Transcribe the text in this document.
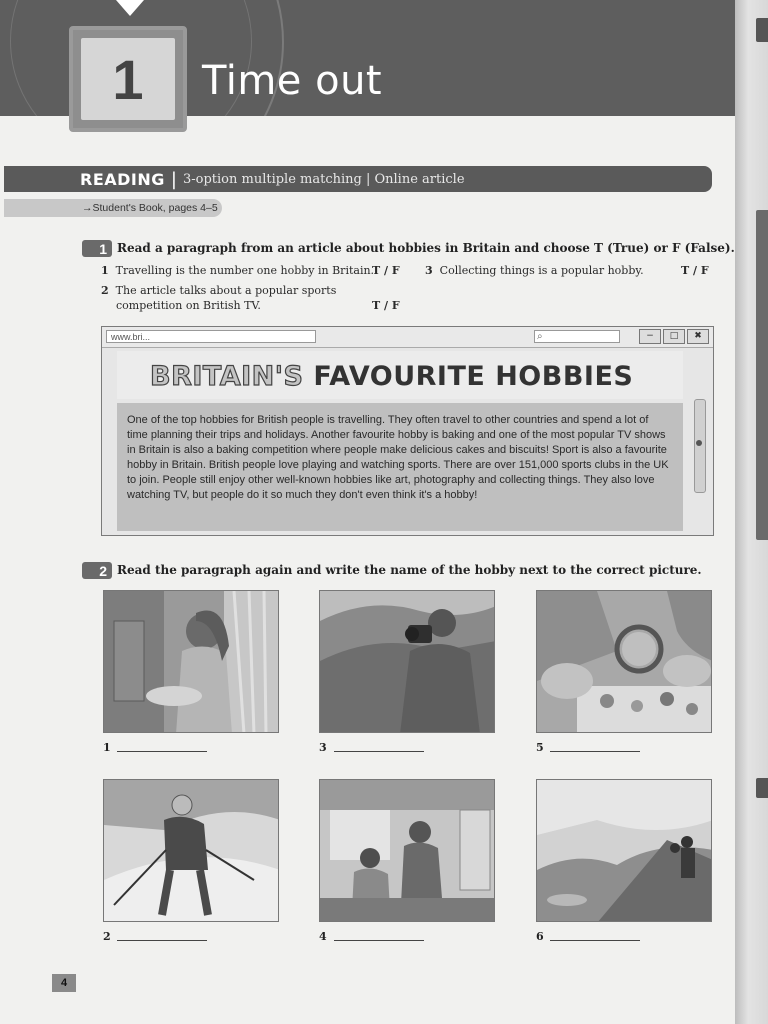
Time out
1
READING | 3-option multiple matching | Online article
→Student's Book, pages 4–5
1 Read a paragraph from an article about hobbies in Britain and choose T (True) or F (False).
1 Travelling is the number one hobby in Britain.
T / F
2 The article talks about a popular sports
competition on British TV.	T / F
3 Collecting things is a popular hobby.	T / F
www.bri...	⌕	−	□	✖
BRITAIN'S FAVOURITE HOBBIES
One of the top hobbies for British people is travelling. They often travel to other countries and spend a lot of time planning their trips and holidays. Another favourite hobby is baking and one of the most popular TV shows in Britain is also a baking competition where people make delicious cakes and biscuits! Sport is also a favourite hobby in Britain. British people love playing and watching sports. There are over 151,000 sports clubs in the UK to join. People still enjoy other well-known hobbies like art, photography and collecting things. They also love watching TV, but people do it so much they don't even think it's a hobby!
2 Read the paragraph again and write the name of the hobby next to the correct picture.
1	3	5
2	4	6
4
